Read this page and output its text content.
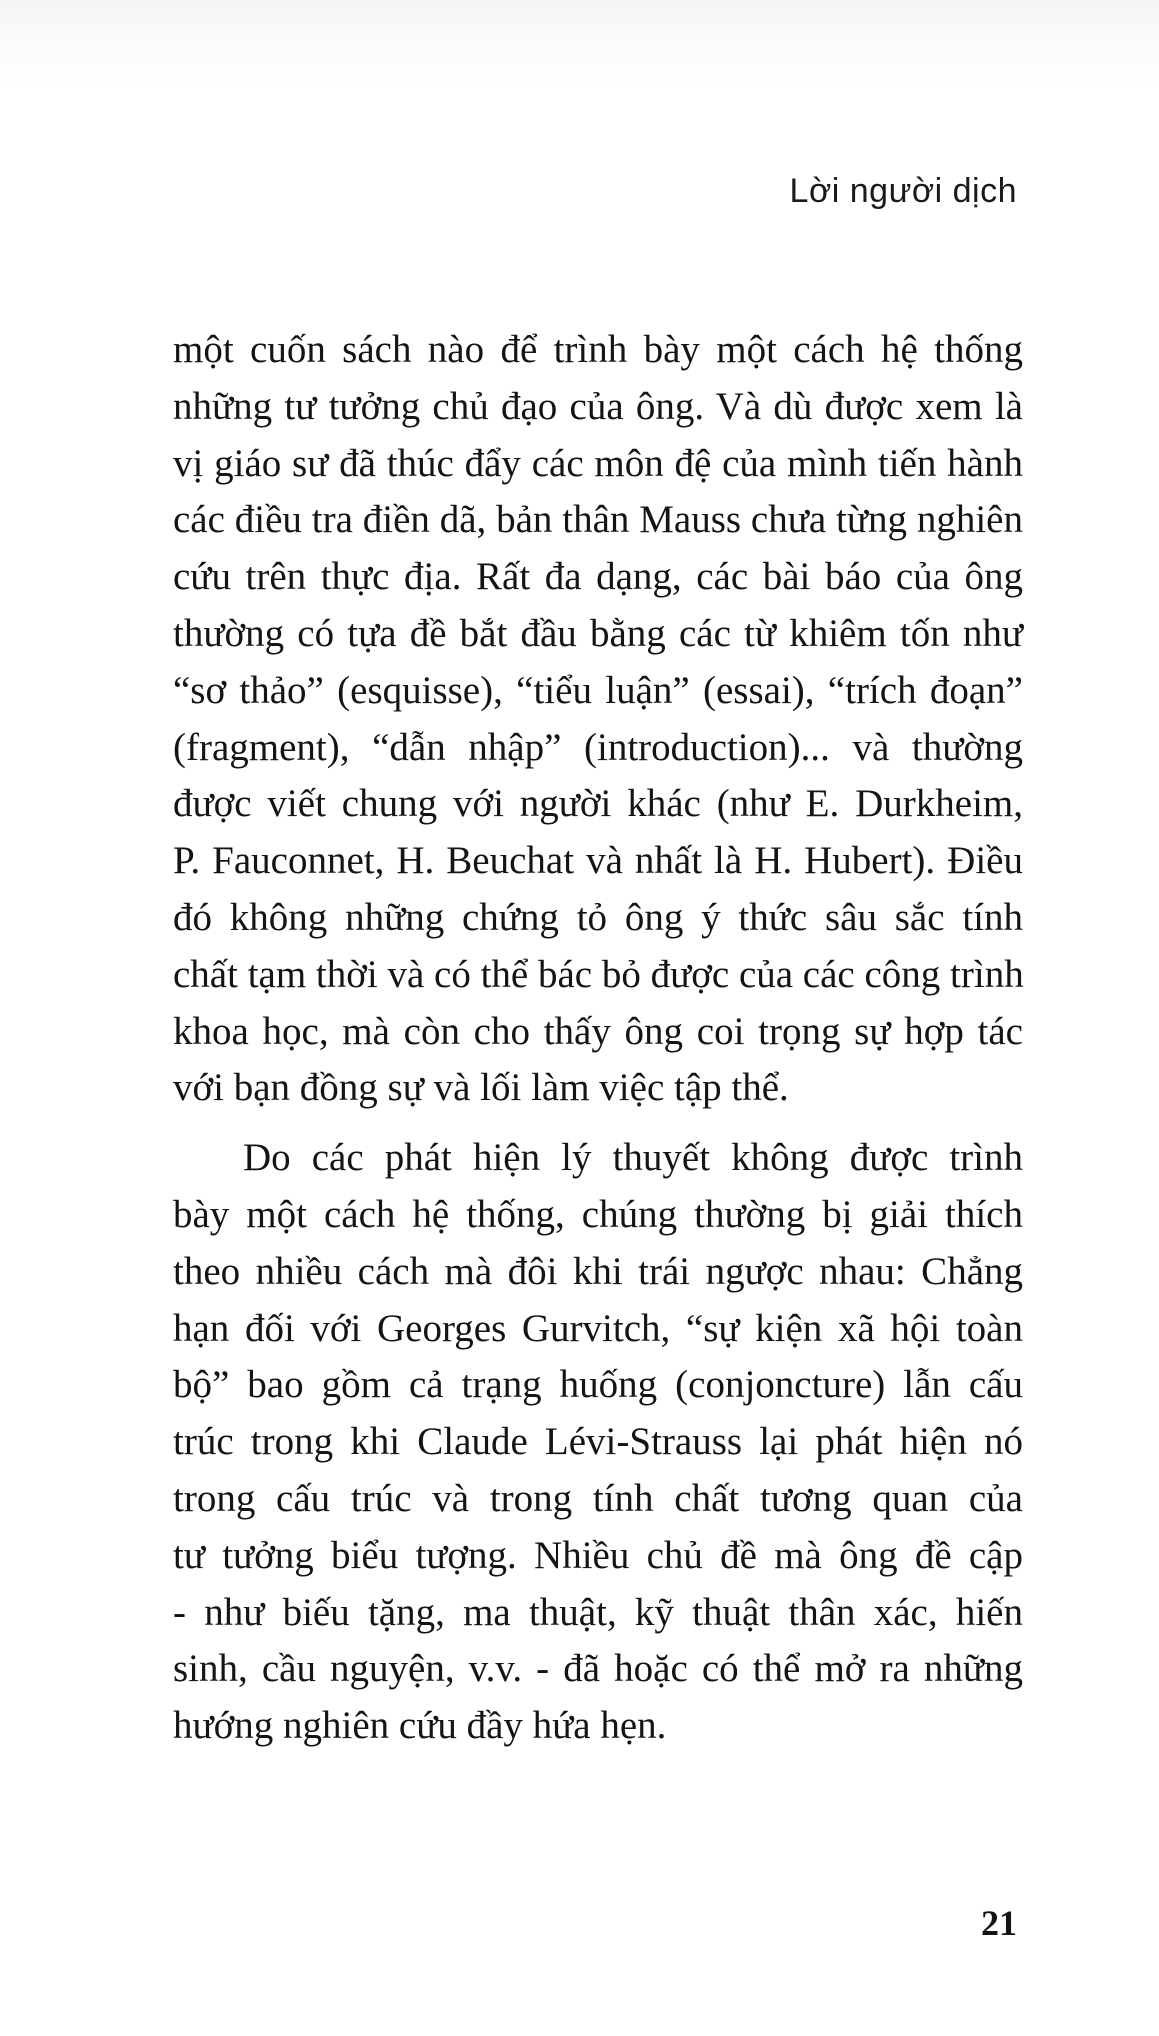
Lời người dịch
một cuốn sách nào để trình bày một cách hệ thống
những tư tưởng chủ đạo của ông. Và dù được xem là
vị giáo sư đã thúc đẩy các môn đệ của mình tiến hành
các điều tra điền dã, bản thân Mauss chưa từng nghiên
cứu trên thực địa. Rất đa dạng, các bài báo của ông
thường có tựa đề bắt đầu bằng các từ khiêm tốn như
“sơ thảo” (esquisse), “tiểu luận” (essai), “trích đoạn”
(fragment), “dẫn nhập” (introduction)... và thường
được viết chung với người khác (như E. Durkheim,
P. Fauconnet, H. Beuchat và nhất là H. Hubert). Điều
đó không những chứng tỏ ông ý thức sâu sắc tính
chất tạm thời và có thể bác bỏ được của các công trình
khoa học, mà còn cho thấy ông coi trọng sự hợp tác
với bạn đồng sự và lối làm việc tập thể.
Do các phát hiện lý thuyết không được trình
bày một cách hệ thống, chúng thường bị giải thích
theo nhiều cách mà đôi khi trái ngược nhau: Chẳng
hạn đối với Georges Gurvitch, “sự kiện xã hội toàn
bộ” bao gồm cả trạng huống (conjoncture) lẫn cấu
trúc trong khi Claude Lévi-Strauss lại phát hiện nó
trong cấu trúc và trong tính chất tương quan của
tư tưởng biểu tượng. Nhiều chủ đề mà ông đề cập
- như biếu tặng, ma thuật, kỹ thuật thân xác, hiến
sinh, cầu nguyện, v.v. - đã hoặc có thể mở ra những
hướng nghiên cứu đầy hứa hẹn.
21
